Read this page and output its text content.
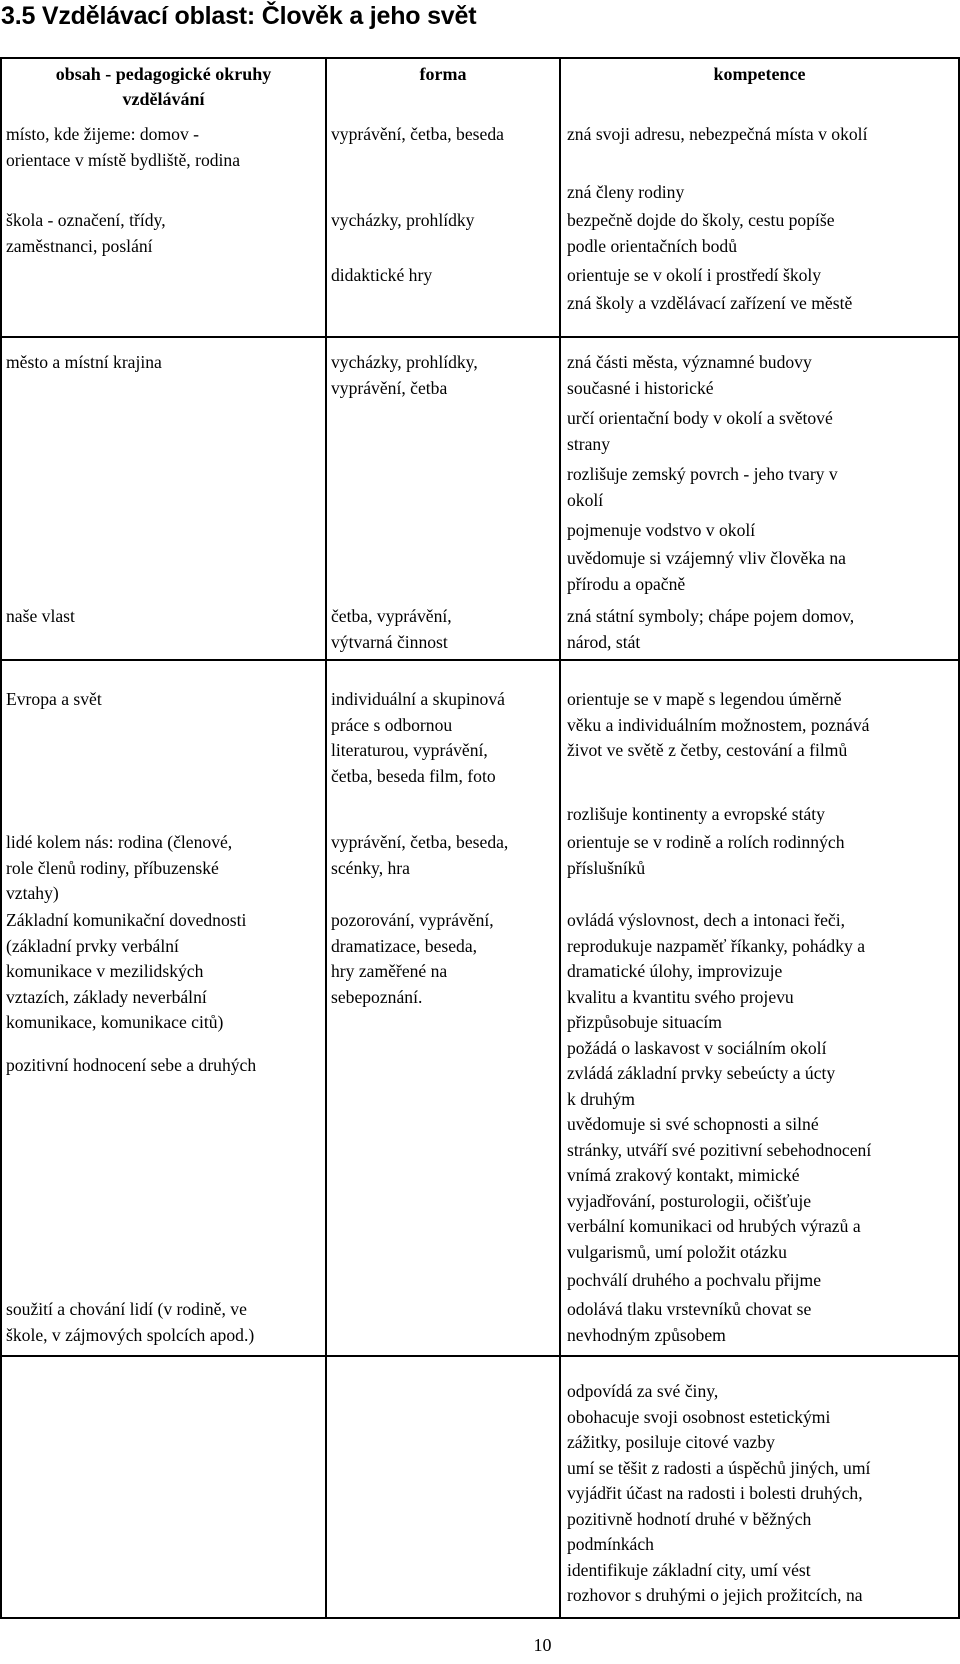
3.5 Vzdělávací oblast: Člověk a jeho svět
obsah - pedagogické okruhy
vzdělávání
forma	kompetence
místo, kde žijeme: domov -
orientace v místě bydliště, rodina
škola - označení, třídy,
zaměstnanci, poslání
město a místní krajina
naše vlast
Evropa a svět
lidé kolem nás: rodina (členové,
role členů rodiny, příbuzenské
vztahy)
Základní komunikační dovednosti
(základní prvky verbální
komunikace v mezilidských
vztazích, základy neverbální
komunikace, komunikace citů)
pozitivní hodnocení sebe a druhých
soužití a chování lidí (v rodině, ve
škole, v zájmových spolcích apod.)
vyprávění, četba, beseda
vycházky, prohlídky
didaktické hry
vycházky, prohlídky,
vyprávění, četba
četba, vyprávění,
výtvarná činnost
individuální a skupinová
práce s odbornou
literaturou, vyprávění,
četba, beseda film, foto
vyprávění, četba, beseda,
scénky, hra
pozorování, vyprávění,
dramatizace, beseda,
hry zaměřené na
sebepoznání.
zná svoji adresu, nebezpečná místa v okolí
zná členy rodiny
bezpečně dojde do školy, cestu popíše
podle orientačních bodů
orientuje se v okolí i prostředí školy
zná školy a vzdělávací zařízení ve městě
zná části města, významné budovy
současné i historické
určí orientační body v okolí a světové
strany
rozlišuje zemský povrch - jeho tvary v
okolí
pojmenuje vodstvo v okolí
uvědomuje si vzájemný vliv člověka na
přírodu a opačně
zná státní symboly; chápe pojem domov,
národ, stát
orientuje se v mapě s legendou úměrně
věku a individuálním možnostem, poznává
život ve světě z četby, cestování a filmů
rozlišuje kontinenty a evropské státy
orientuje se v rodině a rolích rodinných
příslušníků
ovládá výslovnost, dech a intonaci řeči,
reprodukuje nazpaměť říkanky, pohádky a
dramatické úlohy, improvizuje
kvalitu a kvantitu svého projevu
přizpůsobuje situacím
požádá o laskavost v sociálním okolí
zvládá základní prvky sebeúcty a úcty
k druhým
uvědomuje si své schopnosti a silné
stránky, utváří své pozitivní sebehodnocení
vnímá zrakový kontakt, mimické
vyjadřování, posturologii, očišťuje
verbální komunikaci od hrubých výrazů a
vulgarismů, umí položit otázku
pochválí druhého a pochvalu přijme
odolává tlaku vrstevníků chovat se
nevhodným způsobem
odpovídá za své činy,
obohacuje svoji osobnost estetickými
zážitky, posiluje citové vazby
umí se těšit z radosti a úspěchů jiných, umí
vyjádřit účast na radosti i bolesti druhých,
pozitivně hodnotí druhé v běžných
podmínkách
identifikuje základní city, umí vést
rozhovor s druhými o jejich prožitcích, na
10
